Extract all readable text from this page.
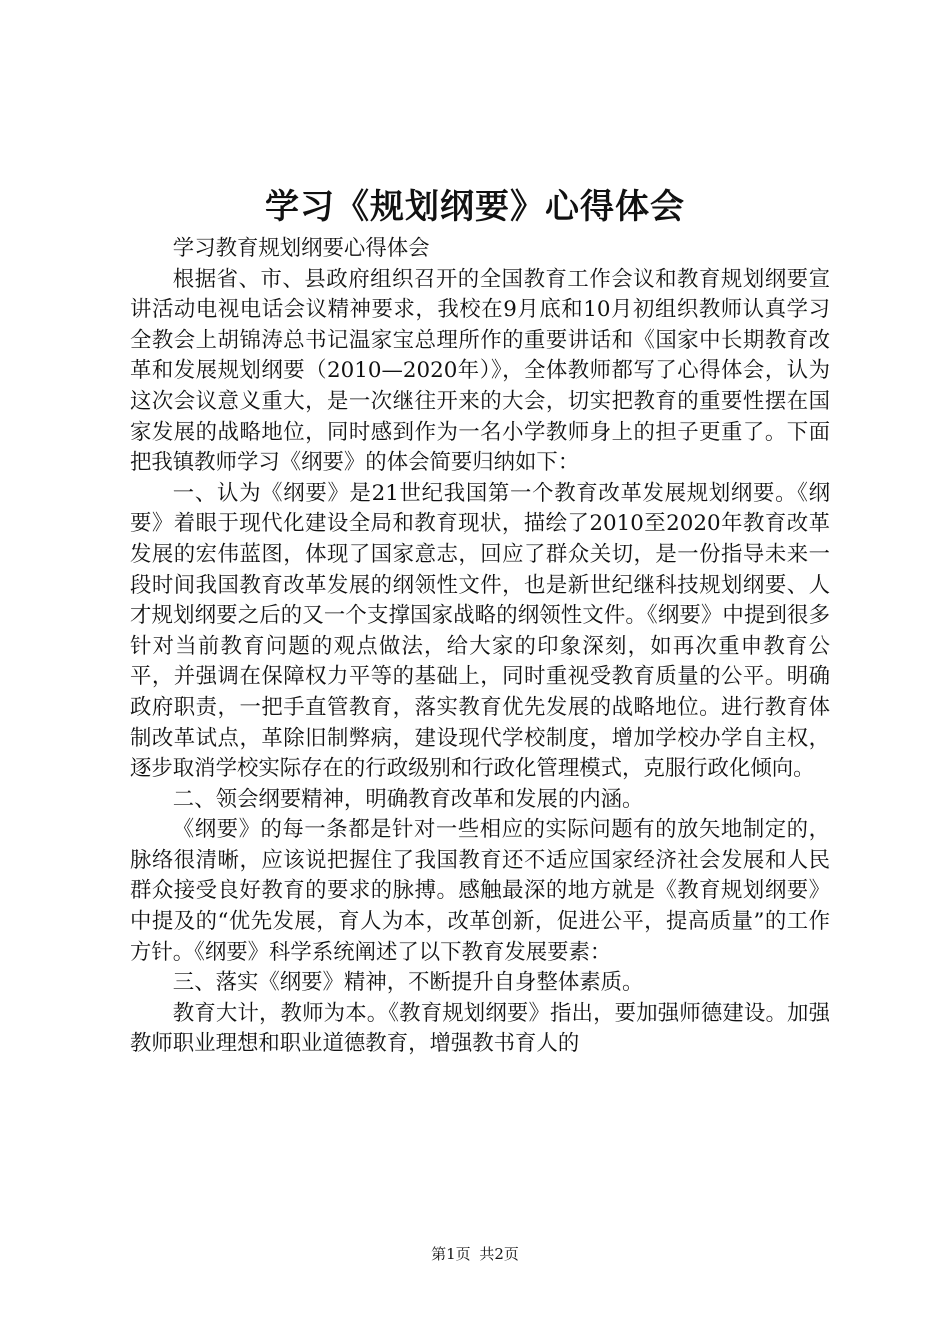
学习《规划纲要》心得体会

学习教育规划纲要心得体会

根据省、市、县政府组织召开的全国教育工作会议和教育规划纲要宣讲活动电视电话会议精神要求，我校在9月底和10月初组织教师认真学习全教会上胡锦涛总书记温家宝总理所作的重要讲话和《国家中长期教育改革和发展规划纲要（2010—2020年）》，全体教师都写了心得体会，认为这次会议意义重大，是一次继往开来的大会，切实把教育的重要性摆在国家发展的战略地位，同时感到作为一名小学教师身上的担子更重了。下面把我镇教师学习《纲要》的体会简要归纳如下：

一、认为《纲要》是21世纪我国第一个教育改革发展规划纲要。《纲要》着眼于现代化建设全局和教育现状，描绘了2010至2020年教育改革发展的宏伟蓝图，体现了国家意志，回应了群众关切，是一份指导未来一段时间我国教育改革发展的纲领性文件，也是新世纪继科技规划纲要、人才规划纲要之后的又一个支撑国家战略的纲领性文件。《纲要》中提到很多针对当前教育问题的观点做法，给大家的印象深刻，如再次重申教育公平，并强调在保障权力平等的基础上，同时重视受教育质量的公平。明确政府职责，一把手直管教育，落实教育优先发展的战略地位。进行教育体制改革试点，革除旧制弊病，建设现代学校制度，增加学校办学自主权，逐步取消学校实际存在的行政级别和行政化管理模式，克服行政化倾向。

二、领会纲要精神，明确教育改革和发展的内涵。

《纲要》的每一条都是针对一些相应的实际问题有的放矢地制定的，脉络很清晰，应该说把握住了我国教育还不适应国家经济社会发展和人民群众接受良好教育的要求的脉搏。感触最深的地方就是《教育规划纲要》中提及的“优先发展，育人为本，改革创新，促进公平，提高质量”的工作方针。《纲要》科学系统阐述了以下教育发展要素：

三、落实《纲要》精神，不断提升自身整体素质。

教育大计，教师为本。《教育规划纲要》指出，要加强师德建设。加强教师职业理想和职业道德教育，增强教书育人的

第1页 共2页
